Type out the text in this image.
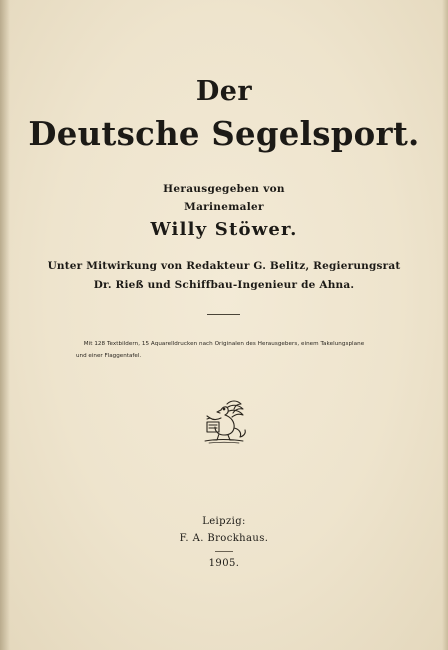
Der

Deutsche Segelsport.

Herausgegeben von

Marinemaler

Willy Stöwer.

Unter Mitwirkung von Redakteur G. Belitz, Regierungsrat

Dr. Rieß und Schiffbau-Ingenieur de Ahna.

Mit 128 Textbildern, 15 Aquarelldrucken nach Originalen des Herausgebers, einem Takelungsplane

und einer Flaggentafel.

Leipzig:

F. A. Brockhaus.

1905.
